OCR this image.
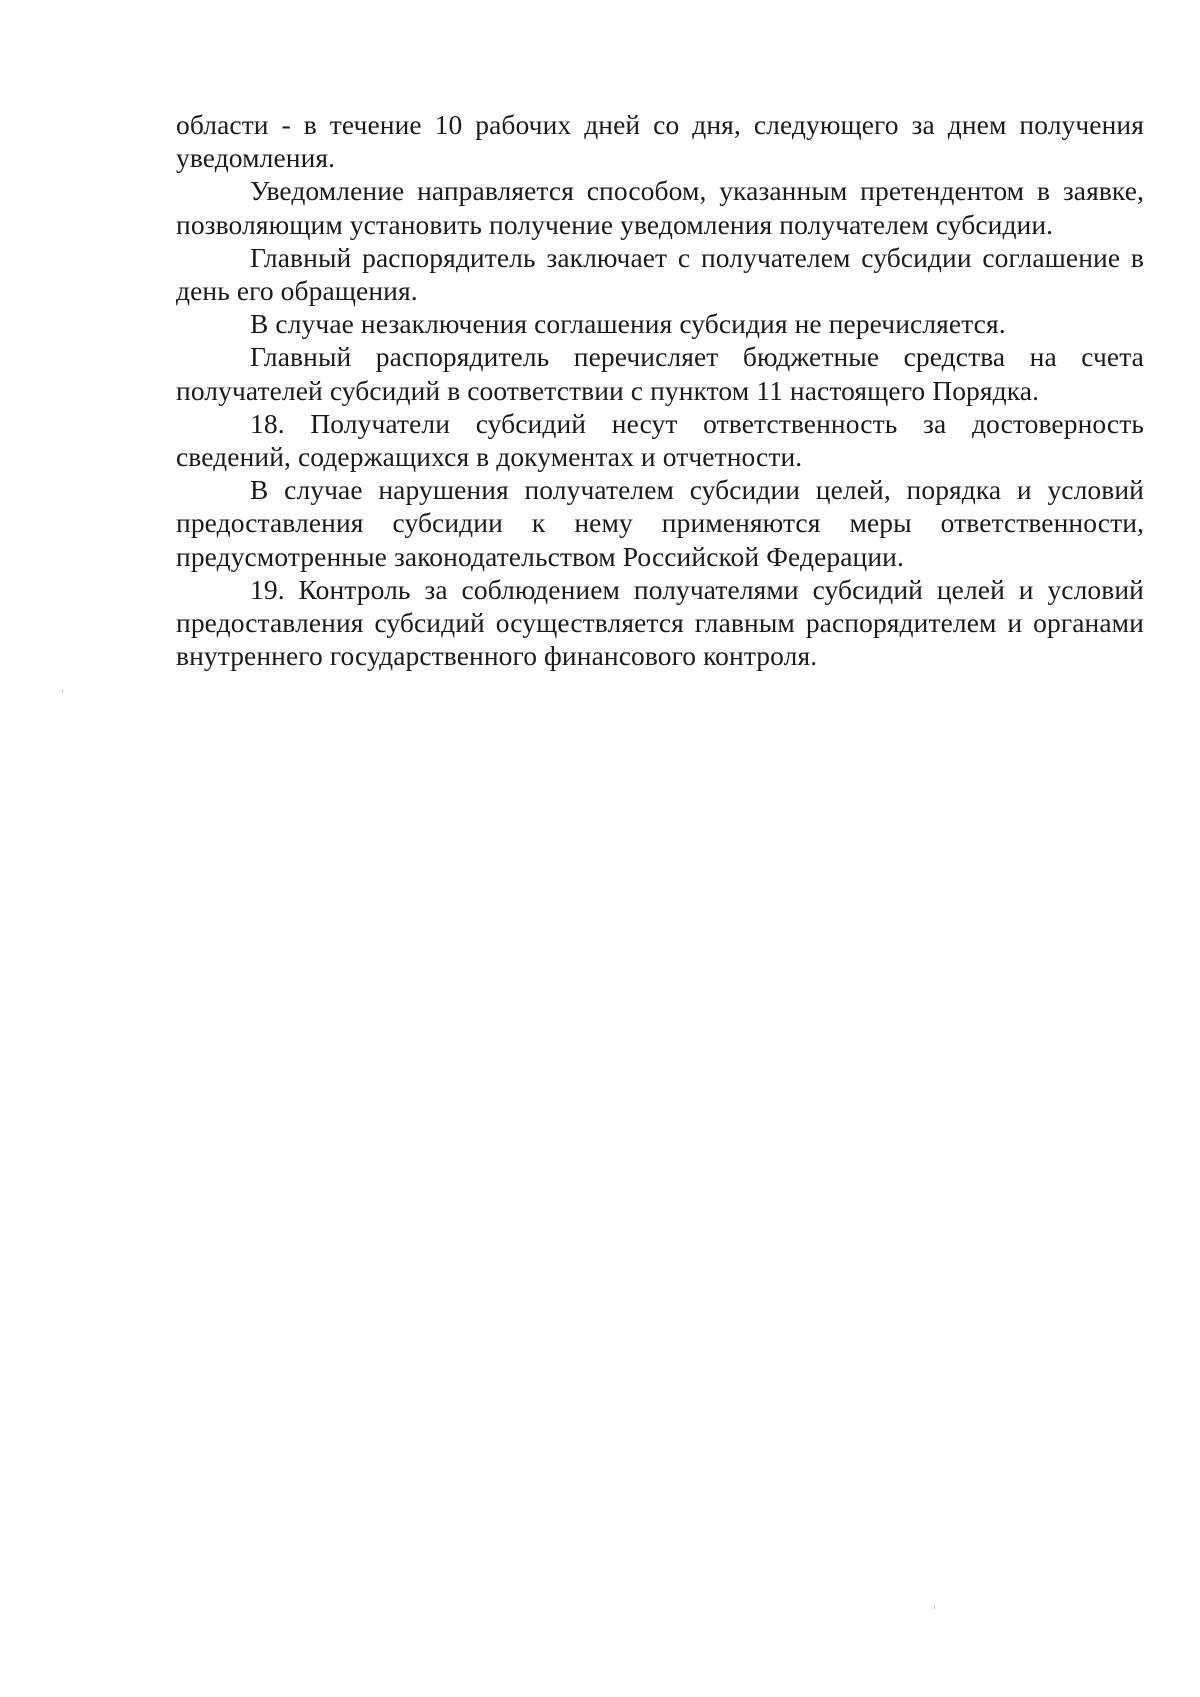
области - в течение 10 рабочих дней со дня, следующего за днем получения уведомления.

Уведомление направляется способом, указанным претендентом в заявке, позволяющим установить получение уведомления получателем субсидии.

Главный распорядитель заключает с получателем субсидии соглашение в день его обращения.

В случае незаключения соглашения субсидия не перечисляется.

Главный распорядитель перечисляет бюджетные средства на счета получателей субсидий в соответствии с пунктом 11 настоящего Порядка.

18. Получатели субсидий несут ответственность за достоверность сведений, содержащихся в документах и отчетности.

В случае нарушения получателем субсидии целей, порядка и условий предоставления субсидии к нему применяются меры ответственности, предусмотренные законодательством Российской Федерации.

19. Контроль за соблюдением получателями субсидий целей и условий предоставления субсидий осуществляется главным распорядителем и органами внутреннего государственного финансового контроля.
